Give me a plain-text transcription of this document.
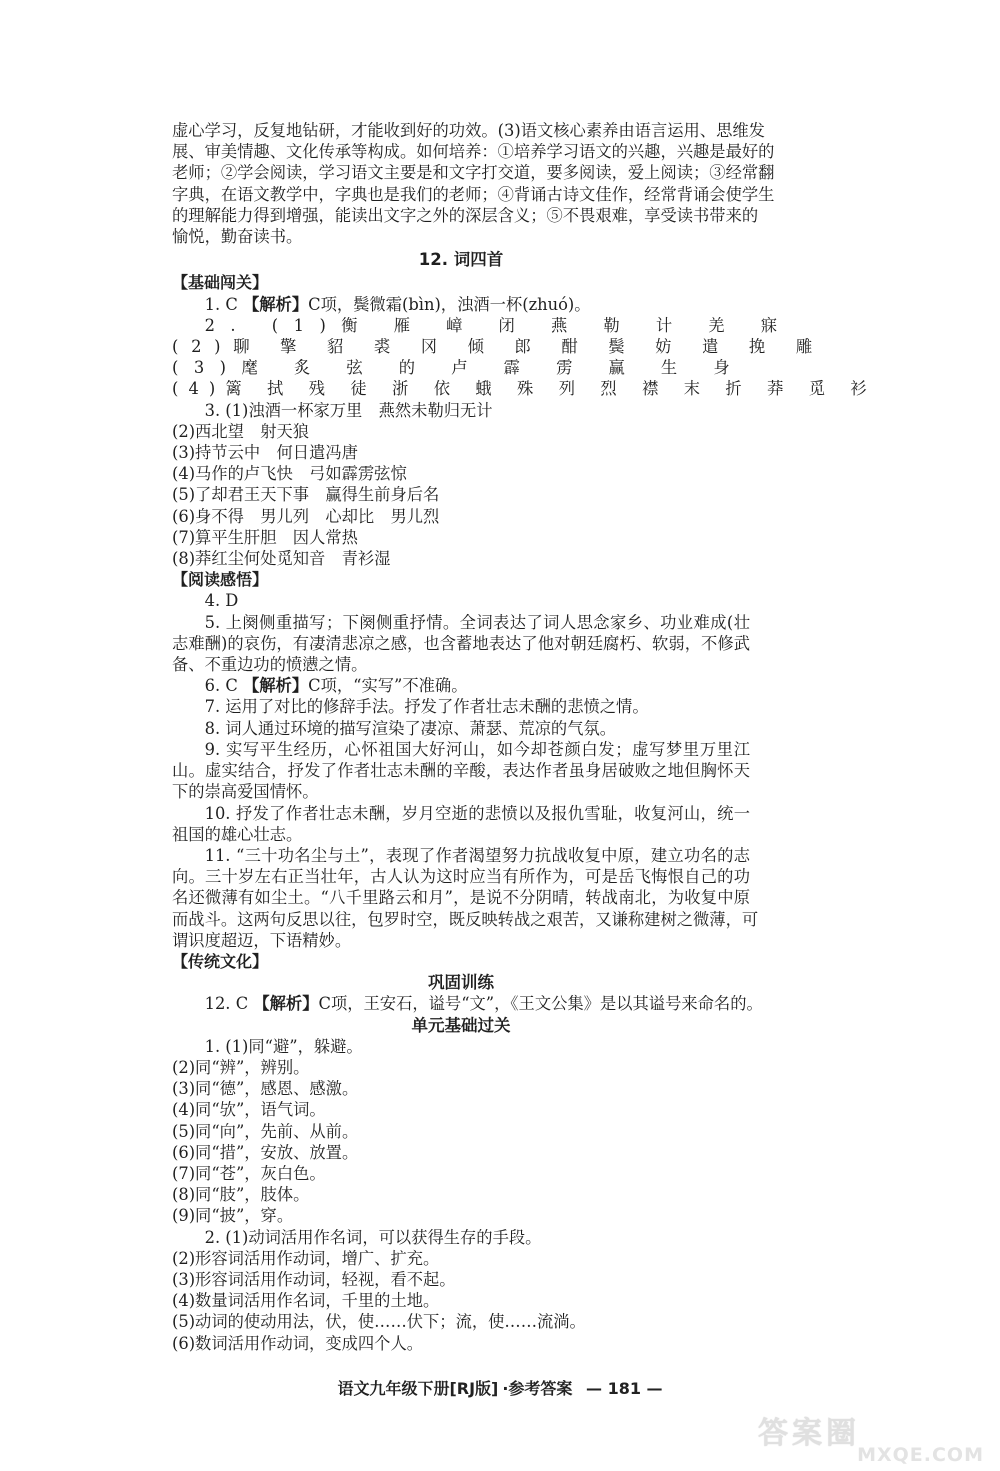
虚心学习，反复地钻研，才能收到好的功效。(3)语文核心素养由语言运用、思维发
展、审美情趣、文化传承等构成。如何培养：①培养学习语文的兴趣，兴趣是最好的
老师；②学会阅读，学习语文主要是和文字打交道，要多阅读，爱上阅读；③经常翻
字典，在语文教学中，字典也是我们的老师；④背诵古诗文佳作，经常背诵会使学生
的理解能力得到增强，能读出文字之外的深层含义；⑤不畏艰难，享受读书带来的
愉悦，勤奋读书。
12. 词四首
【基础闯关】
1. C 【解析】C项，鬓微霜(bìn)，浊酒一杯(zhuó)。
2. (1)衡 雁 嶂 闭 燕 勒 计 羌 寐
(2)聊 擎 貂 裘 冈 倾 郎 酣 鬓 妨 遣 挽 雕
(3)麾 炙 弦 的 卢 霹 雳 赢 生 身
(4)篱 拭 残 徒 浙 依 蛾 殊 列 烈 襟 末 折 莽 觅 衫
3. (1)浊酒一杯家万里　燕然未勒归无计
(2)西北望　射天狼
(3)持节云中　何日遣冯唐
(4)马作的卢飞快　弓如霹雳弦惊
(5)了却君王天下事　赢得生前身后名
(6)身不得　男儿列　心却比　男儿烈
(7)算平生肝胆　因人常热
(8)莽红尘何处觅知音　青衫湿
【阅读感悟】
4. D
5. 上阕侧重描写；下阕侧重抒情。全词表达了词人思念家乡、功业难成(壮
志难酬)的哀伤，有凄清悲凉之感，也含蓄地表达了他对朝廷腐朽、软弱，不修武
备、不重边功的愤懑之情。
6. C 【解析】C项，“实写”不准确。
7. 运用了对比的修辞手法。抒发了作者壮志未酬的悲愤之情。
8. 词人通过环境的描写渲染了凄凉、萧瑟、荒凉的气氛。
9. 实写平生经历，心怀祖国大好河山，如今却苍颜白发；虚写梦里万里江
山。虚实结合，抒发了作者壮志未酬的辛酸，表达作者虽身居破败之地但胸怀天
下的崇高爱国情怀。
10. 抒发了作者壮志未酬，岁月空逝的悲愤以及报仇雪耻，收复河山，统一
祖国的雄心壮志。
11. “三十功名尘与土”，表现了作者渴望努力抗战收复中原，建立功名的志
向。三十岁左右正当壮年，古人认为这时应当有所作为，可是岳飞悔恨自己的功
名还微薄有如尘土。“八千里路云和月”，是说不分阴晴，转战南北，为收复中原
而战斗。这两句反思以往，包罗时空，既反映转战之艰苦，又谦称建树之微薄，可
谓识度超迈，下语精妙。
【传统文化】
巩固训练
12. C 【解析】C项，王安石，谥号“文”，《王文公集》是以其谥号来命名的。
单元基础过关
1. (1)同“避”，躲避。
(2)同“辨”，辨别。
(3)同“德”，感恩、感激。
(4)同“欤”，语气词。
(5)同“向”，先前、从前。
(6)同“措”，安放、放置。
(7)同“苍”，灰白色。
(8)同“肢”，肢体。
(9)同“披”，穿。
2. (1)动词活用作名词，可以获得生存的手段。
(2)形容词活用作动词，增广、扩充。
(3)形容词活用作动词，轻视，看不起。
(4)数量词活用作名词，千里的土地。
(5)动词的使动用法，伏，使……伏下；流，使……流淌。
(6)数词活用作动词，变成四个人。
语文九年级下册[RJ版] ·参考答案 — 181 —
答案圈
MXQE.COM
